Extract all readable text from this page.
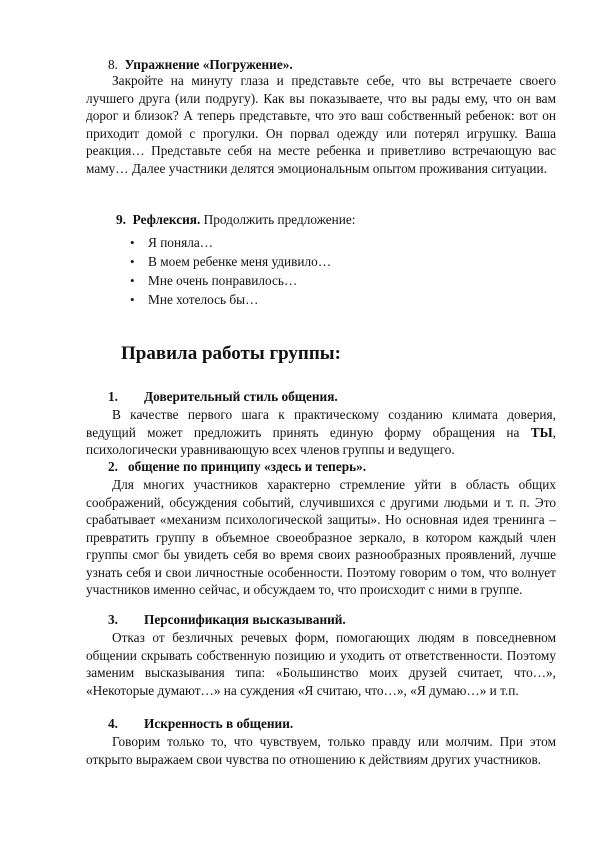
8. Упражнение «Погружение».
Закройте на минуту глаза и представьте себе, что вы встречаете своего лучшего друга (или подругу). Как вы показываете, что вы рады ему, что он вам дорог и близок? А теперь представьте, что это ваш собственный ребенок: вот он приходит домой с прогулки. Он порвал одежду или потерял игрушку. Ваша реакция… Представьте себя на месте ребенка и приветливо встречающую вас маму… Далее участники делятся эмоциональным опытом проживания ситуации.
9. Рефлексия. Продолжить предложение:
• Я поняла…
• В моем ребенке меня удивило…
• Мне очень понравилось…
• Мне хотелось бы…
Правила работы группы:
1. Доверительный стиль общения.
В качестве первого шага к практическому созданию климата доверия, ведущий может предложить принять единую форму обращения на ТЫ, психологически уравнивающую всех членов группы и ведущего.
2. общение по принципу «здесь и теперь».
Для многих участников характерно стремление уйти в область общих соображений, обсуждения событий, случившихся с другими людьми и т. п. Это срабатывает «механизм психологической защиты». Но основная идея тренинга – превратить группу в объемное своеобразное зеркало, в котором каждый член группы смог бы увидеть себя во время своих разнообразных проявлений, лучше узнать себя и свои личностные особенности. Поэтому говорим о том, что волнует участников именно сейчас, и обсуждаем то, что происходит с ними в группе.
3. Персонификация высказываний.
Отказ от безличных речевых форм, помогающих людям в повседневном общении скрывать собственную позицию и уходить от ответственности. Поэтому заменим высказывания типа: «Большинство моих друзей считает, что…», «Некоторые думают…» на суждения «Я считаю, что…», «Я думаю…» и т.п.
4. Искренность в общении.
Говорим только то, что чувствуем, только правду или молчим. При этом открыто выражаем свои чувства по отношению к действиям других участников.
